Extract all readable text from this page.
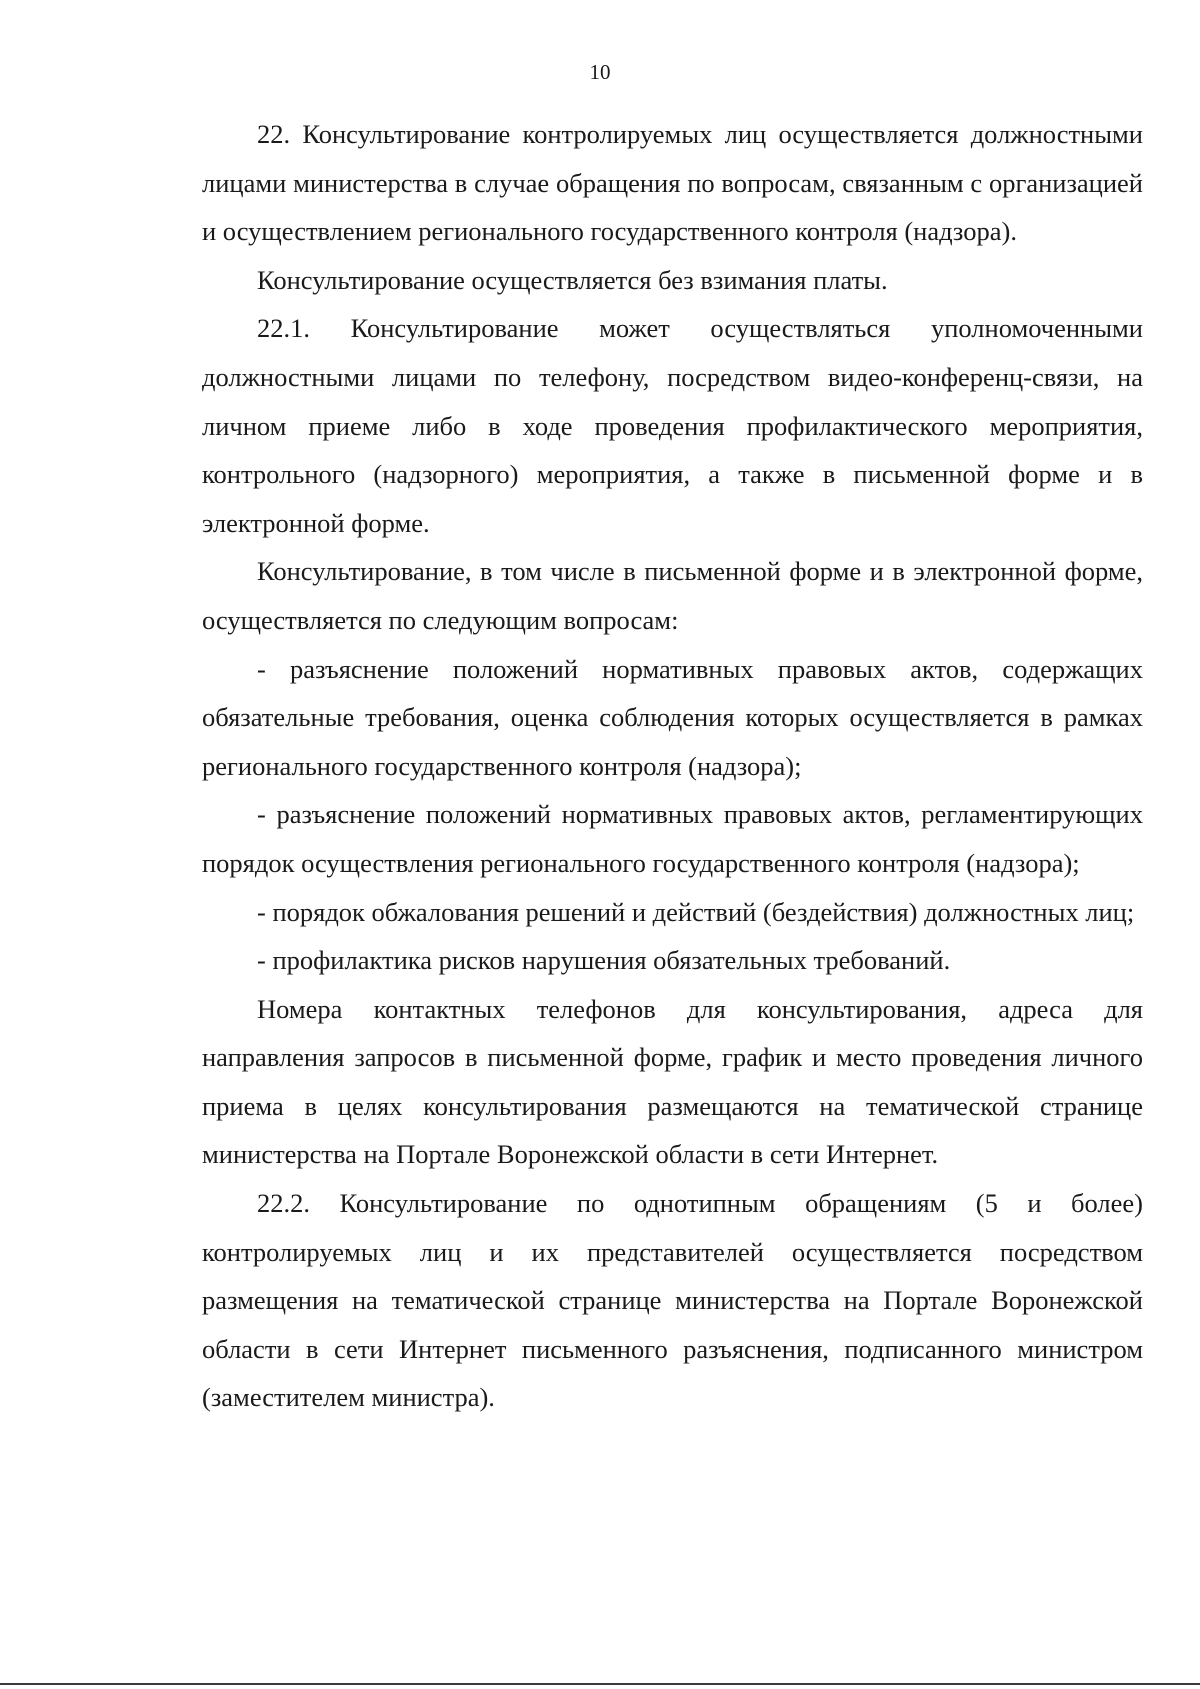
10

22. Консультирование контролируемых лиц осуществляется должностными лицами министерства в случае обращения по вопросам, связанным с организацией и осуществлением регионального государственного контроля (надзора).

Консультирование осуществляется без взимания платы.

22.1. Консультирование может осуществляться уполномоченными должностными лицами по телефону, посредством видео-конференц-связи, на личном приеме либо в ходе проведения профилактического мероприятия, контрольного (надзорного) мероприятия, а также в письменной форме и в электронной форме.

Консультирование, в том числе в письменной форме и в электронной форме, осуществляется по следующим вопросам:

- разъяснение положений нормативных правовых актов, содержащих обязательные требования, оценка соблюдения которых осуществляется в рамках регионального государственного контроля (надзора);

- разъяснение положений нормативных правовых актов, регламентирующих порядок осуществления регионального государственного контроля (надзора);

- порядок обжалования решений и действий (бездействия) должностных лиц;

- профилактика рисков нарушения обязательных требований.

Номера контактных телефонов для консультирования, адреса для направления запросов в письменной форме, график и место проведения личного приема в целях консультирования размещаются на тематической странице министерства на Портале Воронежской области в сети Интернет.

22.2. Консультирование по однотипным обращениям (5 и более) контролируемых лиц и их представителей осуществляется посредством размещения на тематической странице министерства на Портале Воронежской области в сети Интернет письменного разъяснения, подписанного министром (заместителем министра).
